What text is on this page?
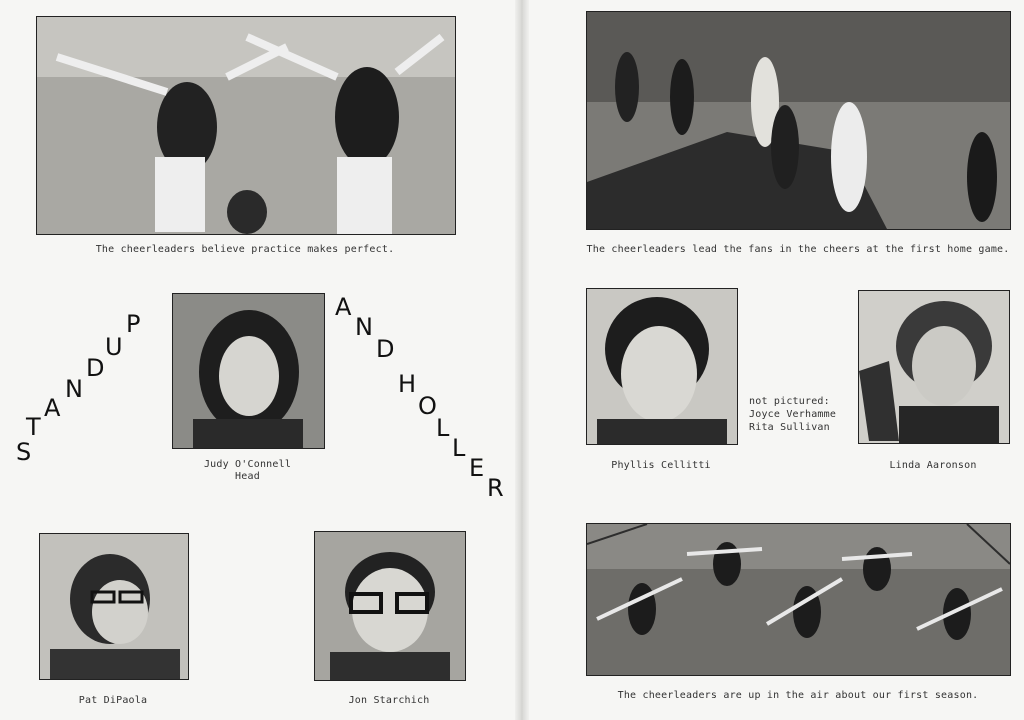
The cheerleaders believe practice makes perfect.
S
T
A
N
D
U
P
Judy O'Connell
Head
A
N
D
H
O
L
L
E
R
Pat DiPaola	Jon Starchich
The cheerleaders lead the fans in the cheers at the first home game.
Phyllis Cellitti
not pictured:
Joyce Verhamme
Rita Sullivan
Linda Aaronson
The cheerleaders are up in the air about our first season.
